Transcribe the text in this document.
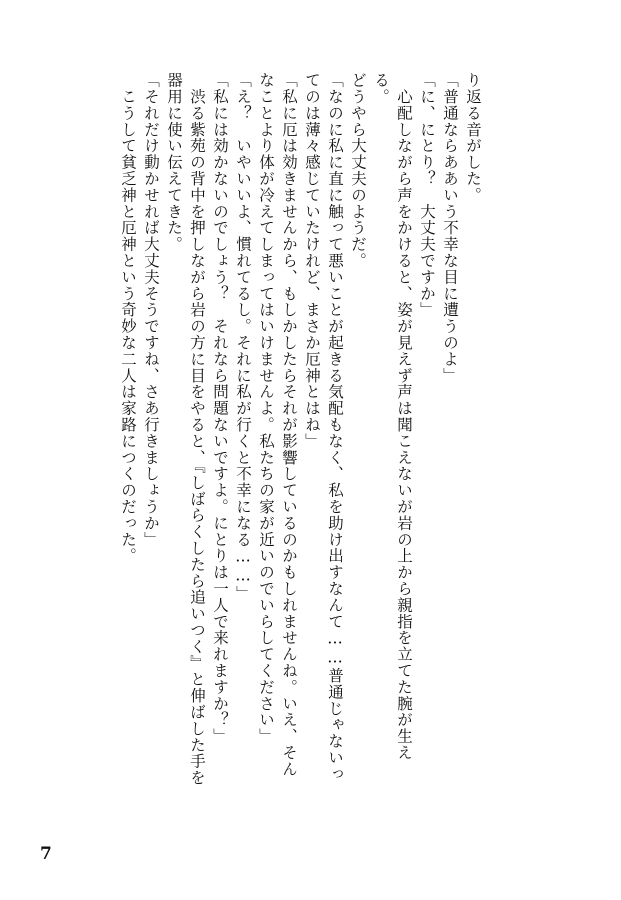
り返る音がした。

「普通ならああいう不幸な目に遭うのよ」

「に、にとり？　大丈夫ですか」

　心配しながら声をかけると、姿が見えず声は聞こえないが岩の上から親指を立てた腕が生える。

どうやら大丈夫のようだ。

「なのに私に直に触って悪いことが起きる気配もなく、私を助け出すなんて……普通じゃないってのは薄々感じていたけれど、まさか厄神とはね」

「私に厄は効きませんから、もしかしたらそれが影響しているのかもしれませんね。いえ、そんなことより体が冷えてしまってはいけませんよ。私たちの家が近いのでいらしてください」

「え？　いやいいよ、慣れてるし。それに私が行くと不幸になる……」

「私には効かないのでしょう？　それなら問題ないですよ。にとりは一人で来れますか？」

　渋る紫苑の背中を押しながら岩の方に目をやると、『しばらくしたら追いつく』と伸ばした手を器用に使い伝えてきた。

「それだけ動かせれば大丈夫そうですね、さあ行きましょうか」

　こうして貧乏神と厄神という奇妙な二人は家路につくのだった。

7
